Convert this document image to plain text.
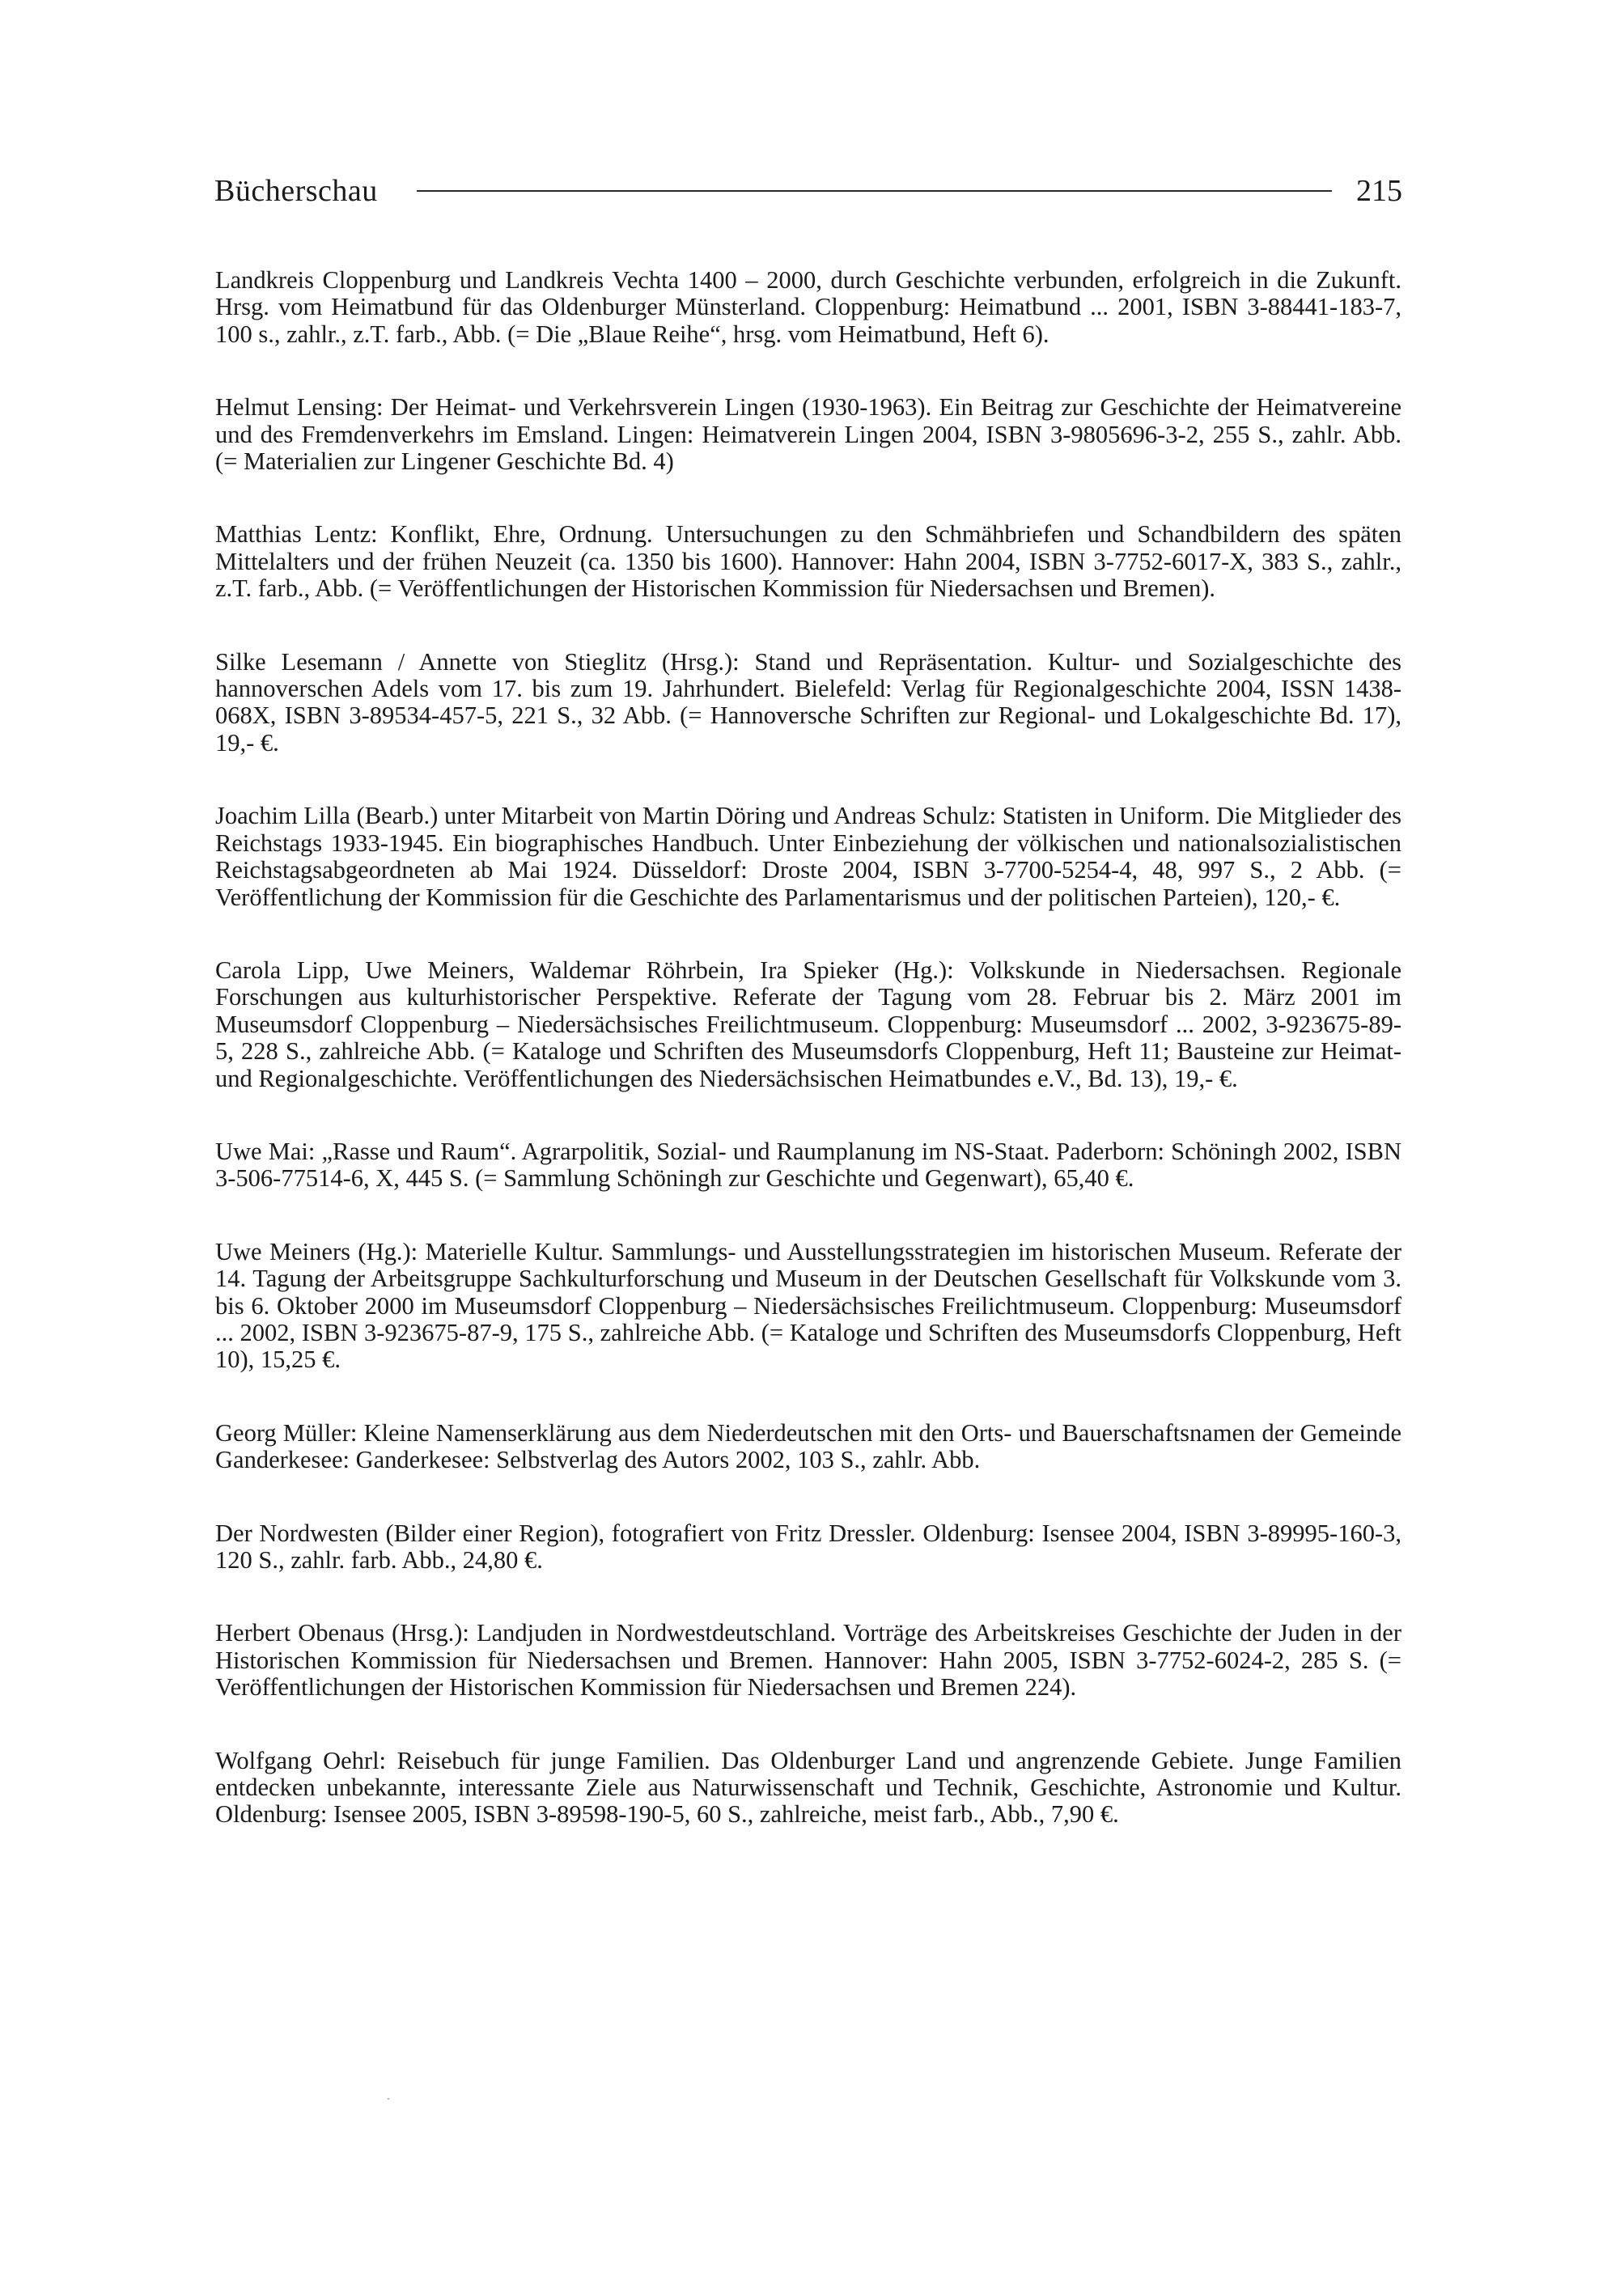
Bücherschau	215

Landkreis Cloppenburg und Landkreis Vechta 1400 – 2000, durch Geschichte verbunden, erfolgreich in die Zukunft. Hrsg. vom Heimatbund für das Oldenburger Münsterland. Cloppenburg: Heimatbund ... 2001, ISBN 3-88441-183-7, 100 s., zahlr., z.T. farb., Abb. (= Die „Blaue Reihe“, hrsg. vom Heimatbund, Heft 6).

Helmut Lensing: Der Heimat- und Verkehrsverein Lingen (1930-1963). Ein Beitrag zur Geschichte der Heimatvereine und des Fremdenverkehrs im Emsland. Lingen: Heimatverein Lingen 2004, ISBN 3-9805696-3-2, 255 S., zahlr. Abb. (= Materialien zur Lingener Geschichte Bd. 4)

Matthias Lentz: Konflikt, Ehre, Ordnung. Untersuchungen zu den Schmähbriefen und Schandbildern des späten Mittelalters und der frühen Neuzeit (ca. 1350 bis 1600). Hannover: Hahn 2004, ISBN 3-7752-6017-X, 383 S., zahlr., z.T. farb., Abb. (= Veröffentlichungen der Historischen Kommission für Niedersachsen und Bremen).

Silke Lesemann / Annette von Stieglitz (Hrsg.): Stand und Repräsentation. Kultur- und Sozialgeschichte des hannoverschen Adels vom 17. bis zum 19. Jahrhundert. Bielefeld: Verlag für Regionalgeschichte 2004, ISSN 1438-068X, ISBN 3-89534-457-5, 221 S., 32 Abb. (= Hannoversche Schriften zur Regional- und Lokalgeschichte Bd. 17), 19,- €.

Joachim Lilla (Bearb.) unter Mitarbeit von Martin Döring und Andreas Schulz: Statisten in Uniform. Die Mitglieder des Reichstags 1933-1945. Ein biographisches Handbuch. Unter Einbeziehung der völkischen und nationalsozialistischen Reichstagsabgeordneten ab Mai 1924. Düsseldorf: Droste 2004, ISBN 3-7700-5254-4, 48, 997 S., 2 Abb. (= Veröffentlichung der Kommission für die Geschichte des Parlamentarismus und der politischen Parteien), 120,- €.

Carola Lipp, Uwe Meiners, Waldemar Röhrbein, Ira Spieker (Hg.): Volkskunde in Niedersachsen. Regionale Forschungen aus kulturhistorischer Perspektive. Referate der Tagung vom 28. Februar bis 2. März 2001 im Museumsdorf Cloppenburg – Niedersächsisches Freilichtmuseum. Cloppenburg: Museumsdorf ... 2002, 3-923675-89-5, 228 S., zahlreiche Abb. (= Kataloge und Schriften des Museumsdorfs Cloppenburg, Heft 11; Bausteine zur Heimat- und Regionalgeschichte. Veröffentlichungen des Niedersächsischen Heimatbundes e.V., Bd. 13), 19,- €.

Uwe Mai: „Rasse und Raum“. Agrarpolitik, Sozial- und Raumplanung im NS-Staat. Paderborn: Schöningh 2002, ISBN 3-506-77514-6, X, 445 S. (= Sammlung Schöningh zur Geschichte und Gegenwart), 65,40 €.

Uwe Meiners (Hg.): Materielle Kultur. Sammlungs- und Ausstellungsstrategien im historischen Museum. Referate der 14. Tagung der Arbeitsgruppe Sachkulturforschung und Museum in der Deutschen Gesellschaft für Volkskunde vom 3. bis 6. Oktober 2000 im Museumsdorf Cloppenburg – Niedersächsisches Freilichtmuseum. Cloppenburg: Museumsdorf ... 2002, ISBN 3-923675-87-9, 175 S., zahlreiche Abb. (= Kataloge und Schriften des Museumsdorfs Cloppenburg, Heft 10), 15,25 €.

Georg Müller: Kleine Namenserklärung aus dem Niederdeutschen mit den Orts- und Bauerschaftsnamen der Gemeinde Ganderkesee: Ganderkesee: Selbstverlag des Autors 2002, 103 S., zahlr. Abb.

Der Nordwesten (Bilder einer Region), fotografiert von Fritz Dressler. Oldenburg: Isensee 2004, ISBN 3-89995-160-3, 120 S., zahlr. farb. Abb., 24,80 €.

Herbert Obenaus (Hrsg.): Landjuden in Nordwestdeutschland. Vorträge des Arbeitskreises Geschichte der Juden in der Historischen Kommission für Niedersachsen und Bremen. Hannover: Hahn 2005, ISBN 3-7752-6024-2, 285 S. (= Veröffentlichungen der Historischen Kommission für Niedersachsen und Bremen 224).

Wolfgang Oehrl: Reisebuch für junge Familien. Das Oldenburger Land und angrenzende Gebiete. Junge Familien entdecken unbekannte, interessante Ziele aus Naturwissenschaft und Technik, Geschichte, Astronomie und Kultur. Oldenburg: Isensee 2005, ISBN 3-89598-190-5, 60 S., zahlreiche, meist farb., Abb., 7,90 €.
